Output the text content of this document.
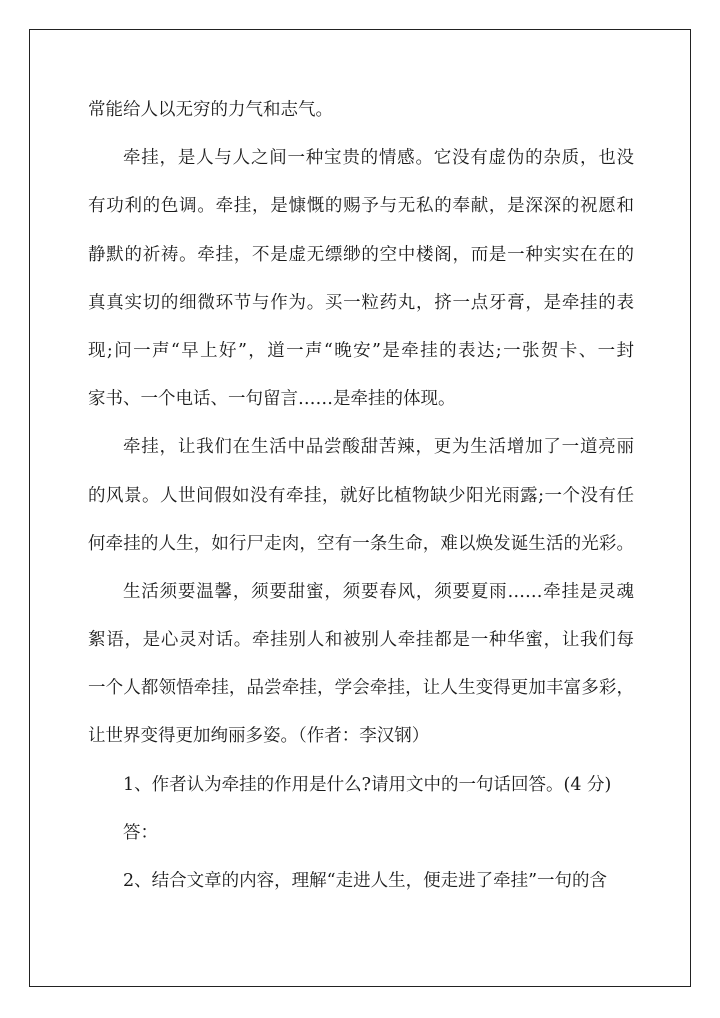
常能给人以无穷的力气和志气。
牵挂，是人与人之间一种宝贵的情感。它没有虚伪的杂质，也没
有功利的色调。牵挂，是慷慨的赐予与无私的奉献，是深深的祝愿和
静默的祈祷。牵挂，不是虚无缥缈的空中楼阁，而是一种实实在在的
真真实切的细微环节与作为。买一粒药丸，挤一点牙膏，是牵挂的表
现;问一声“早上好”，道一声“晚安”是牵挂的表达;一张贺卡、一封
家书、一个电话、一句留言……是牵挂的体现。
牵挂，让我们在生活中品尝酸甜苦辣，更为生活增加了一道亮丽
的风景。人世间假如没有牵挂，就好比植物缺少阳光雨露;一个没有任
何牵挂的人生，如行尸走肉，空有一条生命，难以焕发诞生活的光彩。
生活须要温馨，须要甜蜜，须要春风，须要夏雨……牵挂是灵魂
絮语，是心灵对话。牵挂别人和被别人牵挂都是一种华蜜，让我们每
一个人都领悟牵挂，品尝牵挂，学会牵挂，让人生变得更加丰富多彩，
让世界变得更加绚丽多姿。（作者：李汉钢）
1、作者认为牵挂的作用是什么?请用文中的一句话回答。(4 分)
答：
2、结合文章的内容，理解“走进人生，便走进了牵挂”一句的含
